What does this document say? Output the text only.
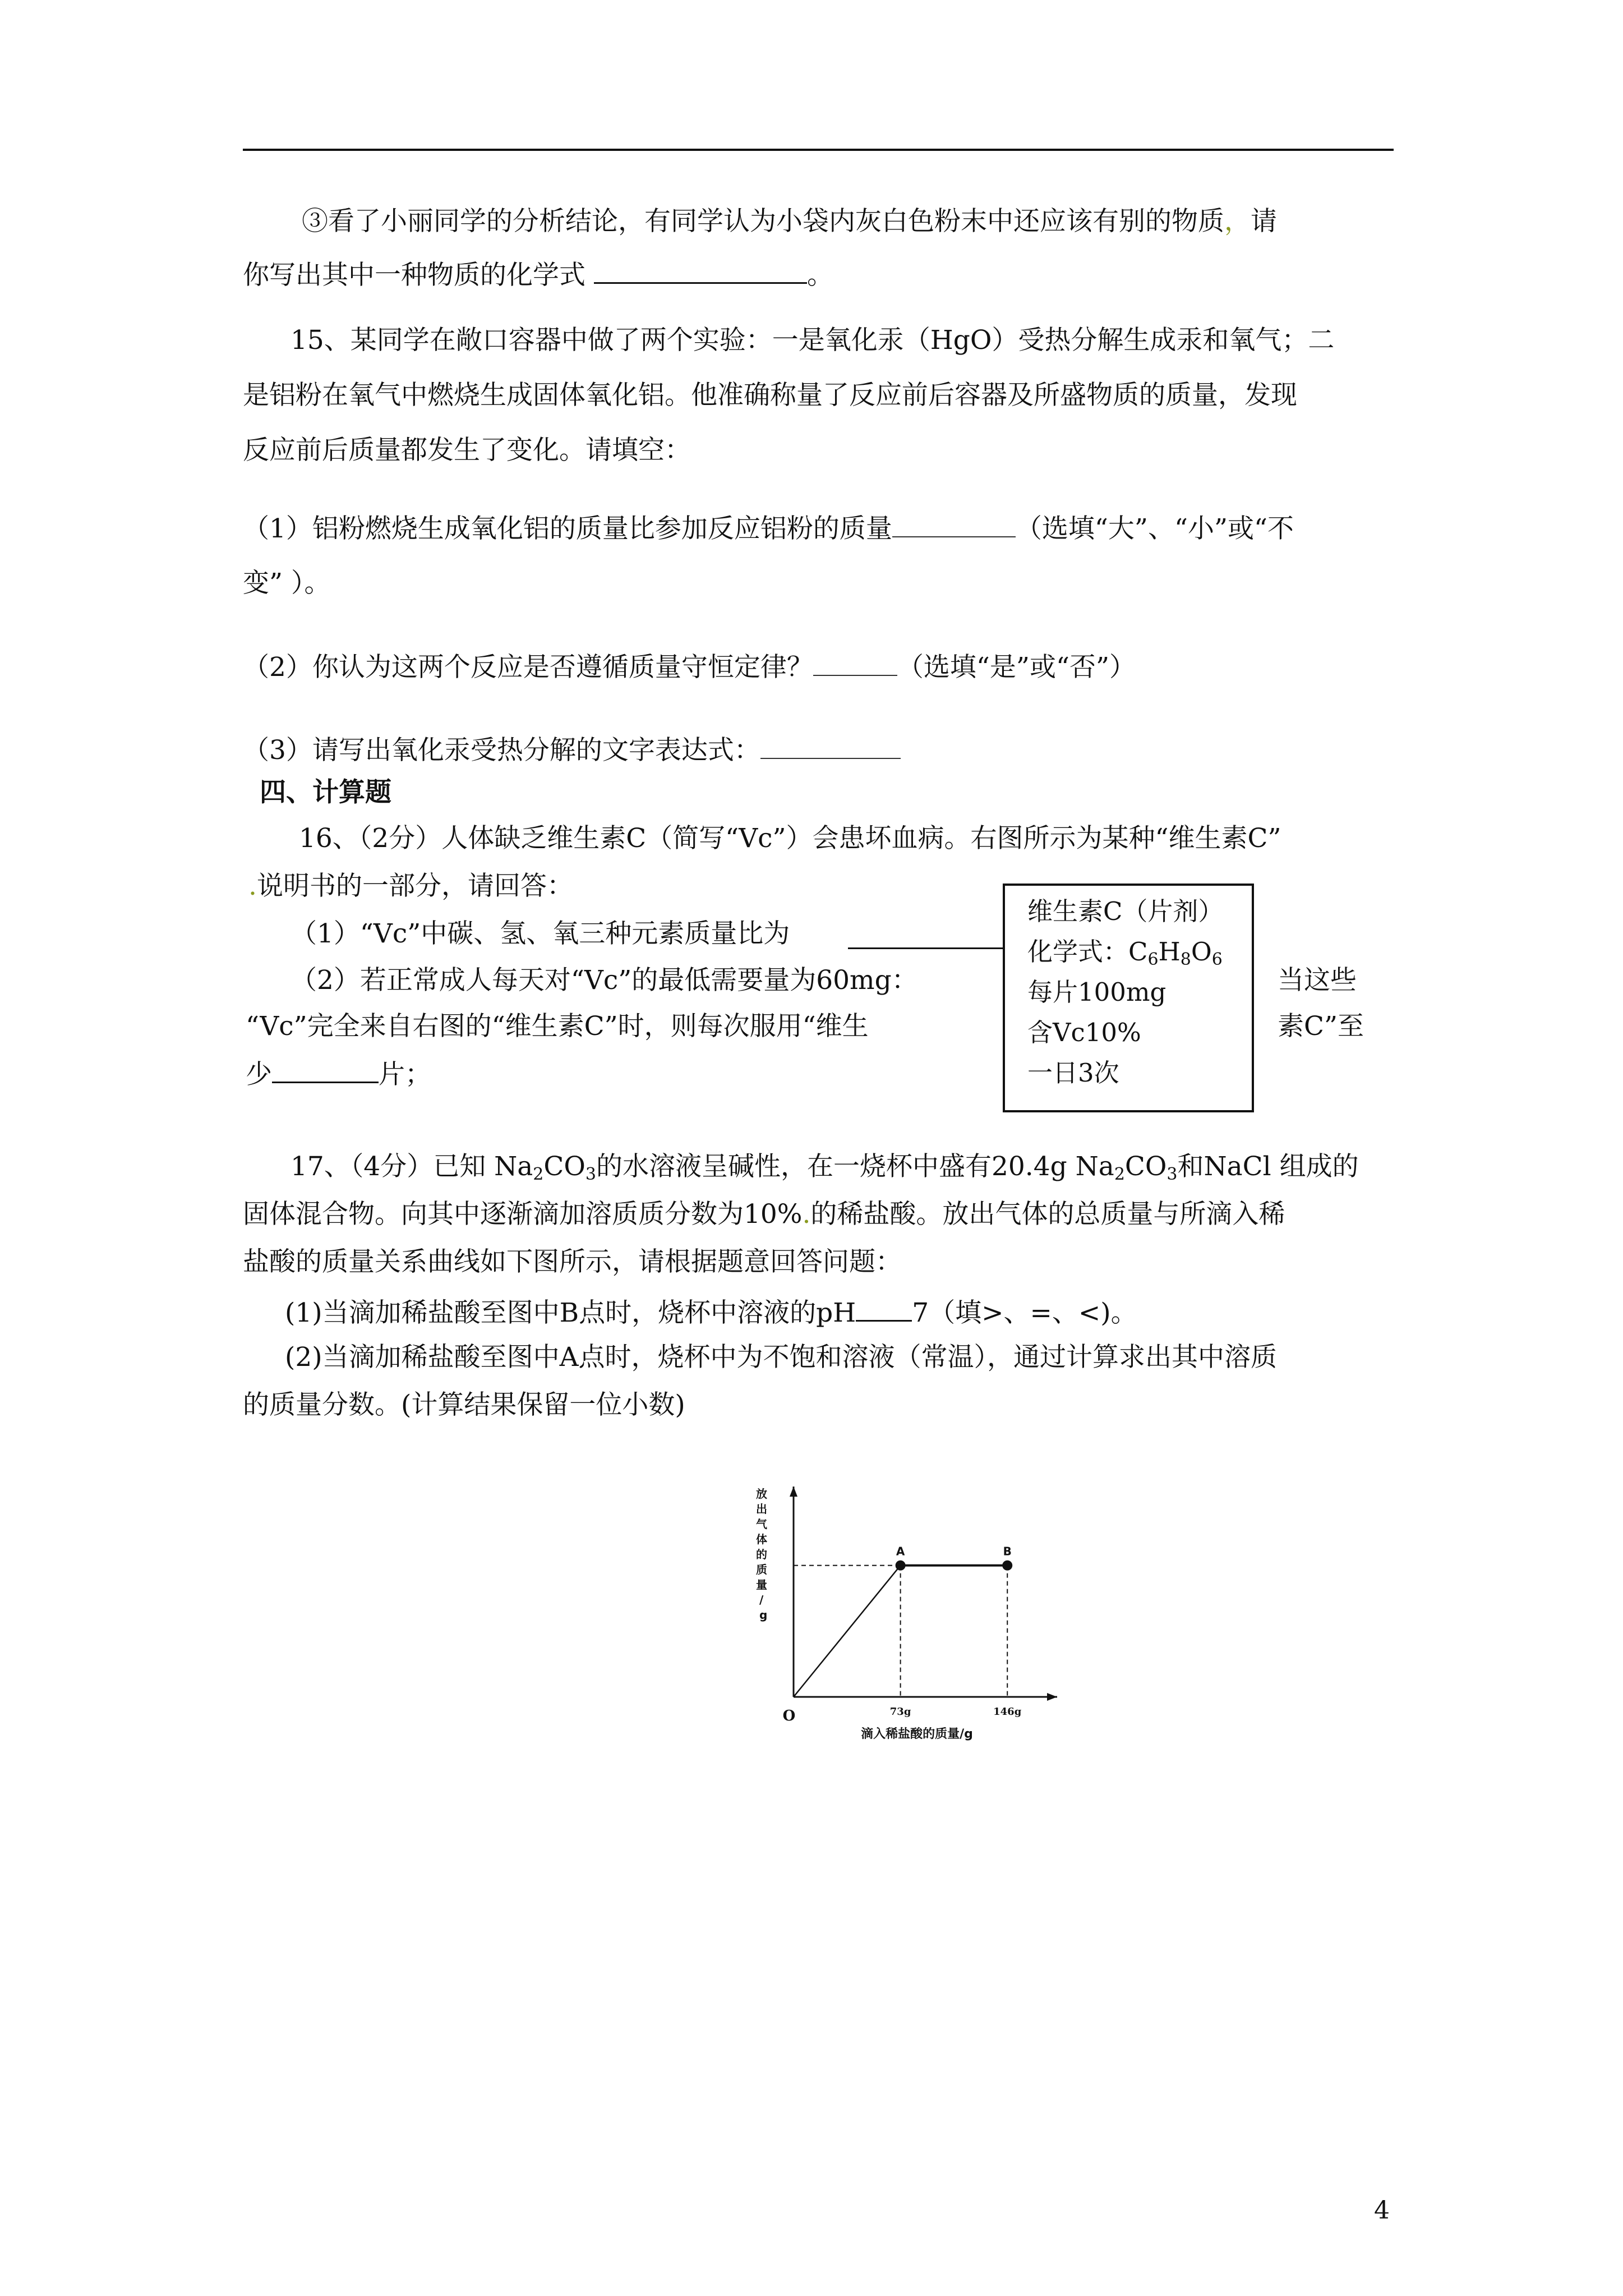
③看了小丽同学的分析结论，有同学认为小袋内灰白色粉末中还应该有别的物质，请
你写出其中一种物质的化学式	。
15、某同学在敞口容器中做了两个实验：一是氧化汞（HgO）受热分解生成汞和氧气；二
是铝粉在氧气中燃烧生成固体氧化铝。他准确称量了反应前后容器及所盛物质的质量，发现
反应前后质量都发生了变化。请填空：
（1）铝粉燃烧生成氧化铝的质量比参加反应铝粉的质量	（选填“大”、“小”或“不
变” ）。
（2）你认为这两个反应是否遵循质量守恒定律？	（选填“是”或“否”）
（3）请写出氧化汞受热分解的文字表达式：
四、计算题
16、（2分）人体缺乏维生素C（简写“Vc”）会患坏血病。右图所示为某种“维生素C”
.说明书的一部分，请回答：
（1）“Vc”中碳、氢、氧三种元素质量比为
（2）若正常成人每天对“Vc”的最低需要量为60mg：	当这些
“Vc”完全来自右图的“维生素C”时，则每次服用“维生	素C”至
少	片；
维生素C（片剂）
化学式：$C_6H_8O_6$
每片100mg
含Vc10%
一日3次
17、（4分）已知 $Na_2CO_3$的水溶液呈碱性，在一烧杯中盛有20.4g $Na_2CO_3$和NaCl 组成的
固体混合物。向其中逐渐滴加溶质质分数为10%.的稀盐酸。放出气体的总质量与所滴入稀
盐酸的质量关系曲线如下图所示，请根据题意回答问题：
(1)当滴加稀盐酸至图中B点时，烧杯中溶液的pH 7（填>、=、<)。
(2)当滴加稀盐酸至图中A点时，烧杯中为不饱和溶液（常温），通过计算求出其中溶质
的质量分数。(计算结果保留一位小数)
放出气体的质量/ g
滴入稀盐酸的质量/g
O
A	B
73g	146g
4
